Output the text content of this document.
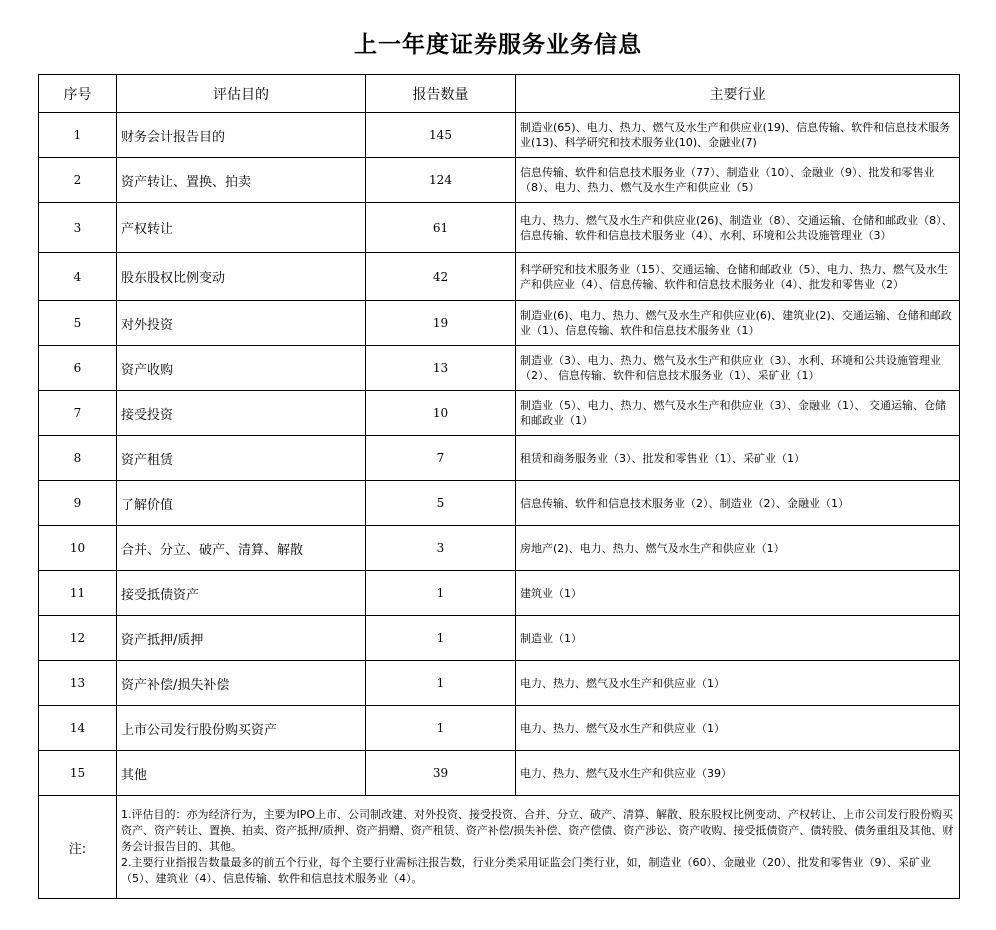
上一年度证券服务业务信息
序号	评估目的	报告数量	主要行业
1	财务会计报告目的	145	制造业(65)、电力、热力、燃气及水生产和供应业(19)、信息传输、软件和信息技术服务业(13)、科学研究和技术服务业(10)、金融业(7)
2	资产转让、置换、拍卖	124	信息传输、软件和信息技术服务业（77）、制造业（10）、金融业（9）、批发和零售业（8）、电力、热力、燃气及水生产和供应业（5）
3	产权转让	61	电力、热力、燃气及水生产和供应业(26)、制造业（8）、交通运输、仓储和邮政业（8）、信息传输、软件和信息技术服务业（4）、水利、环境和公共设施管理业（3）
4	股东股权比例变动	42	科学研究和技术服务业（15）、交通运输、仓储和邮政业（5）、电力、热力、燃气及水生产和供应业（4）、信息传输、软件和信息技术服务业（4）、批发和零售业（2）
5	对外投资	19	制造业(6)、电力、热力、燃气及水生产和供应业(6)、建筑业(2)、交通运输、仓储和邮政业（1）、信息传输、软件和信息技术服务业（1）
6	资产收购	13	制造业（3）、电力、热力、燃气及水生产和供应业（3）、水利、环境和公共设施管理业（2）、 信息传输、软件和信息技术服务业（1）、采矿业（1）
7	接受投资	10	制造业（5）、电力、热力、燃气及水生产和供应业（3）、金融业（1）、 交通运输、仓储和邮政业（1）
8	资产租赁	7	租赁和商务服务业（3）、批发和零售业（1）、采矿业（1）
9	了解价值	5	信息传输、软件和信息技术服务业（2）、制造业（2）、金融业（1）
10	合并、分立、破产、清算、解散	3	房地产(2)、电力、热力、燃气及水生产和供应业（1）
11	接受抵债资产	1	建筑业（1）
12	资产抵押/质押	1	制造业（1）
13	资产补偿/损失补偿	1	电力、热力、燃气及水生产和供应业（1）
14	上市公司发行股份购买资产	1	电力、热力、燃气及水生产和供应业（1）
15	其他	39	电力、热力、燃气及水生产和供应业（39）
注:	1.评估目的：亦为经济行为，主要为IPO上市、公司制改建、对外投资、接受投资、合并、分立、破产、清算、解散、股东股权比例变动、产权转让、上市公司发行股份购买资产、资产转让、置换、拍卖、资产抵押/质押、资产捐赠、资产租赁、资产补偿/损失补偿、资产偿债、资产涉讼、资产收购、接受抵债资产、债转股、债务重组及其他、财务会计报告目的、其他。
2.主要行业指报告数量最多的前五个行业，每个主要行业需标注报告数，行业分类采用证监会门类行业，如，制造业（60）、金融业（20）、批发和零售业（9）、采矿业（5）、建筑业（4）、信息传输、软件和信息技术服务业（4）。		
